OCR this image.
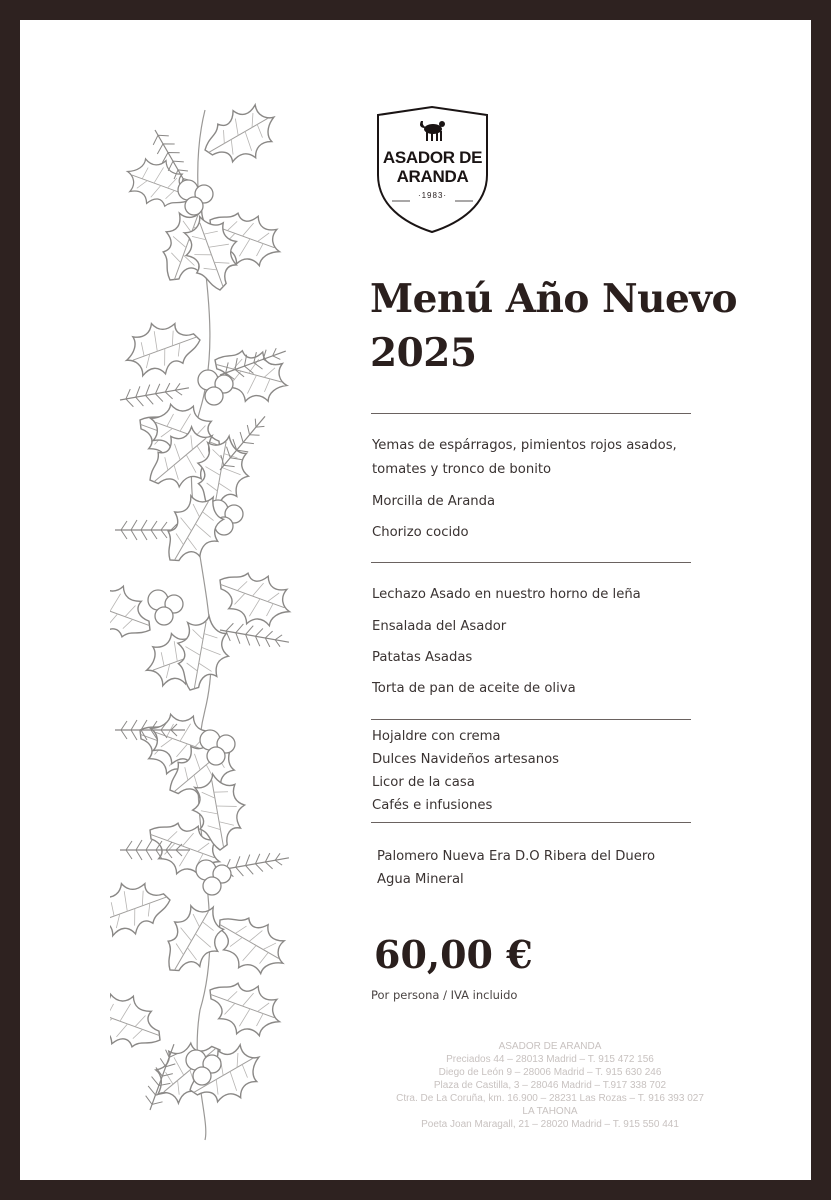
ASADOR DE
ARANDA
·1983·
Menú Año Nuevo
2025
Yemas de espárragos, pimientos rojos asados,
tomates y tronco de bonito
Morcilla de Aranda
Chorizo cocido
Lechazo Asado en nuestro horno de leña
Ensalada del Asador
Patatas Asadas
Torta de pan de aceite de oliva
Hojaldre con crema
Dulces Navideños artesanos
Licor de la casa
Cafés e infusiones
Palomero Nueva Era D.O Ribera del Duero
Agua Mineral
60,00 €
Por persona / IVA incluido
ASADOR DE ARANDA
Preciados 44 – 28013 Madrid – T. 915 472 156
Diego de León 9 – 28006 Madrid – T. 915 630 246
Plaza de Castilla, 3 – 28046 Madrid – T.917 338 702
Ctra. De La Coruña, km. 16.900 – 28231 Las Rozas – T. 916 393 027
LA TAHONA
Poeta Joan Maragall, 21 – 28020 Madrid – T. 915 550 441
